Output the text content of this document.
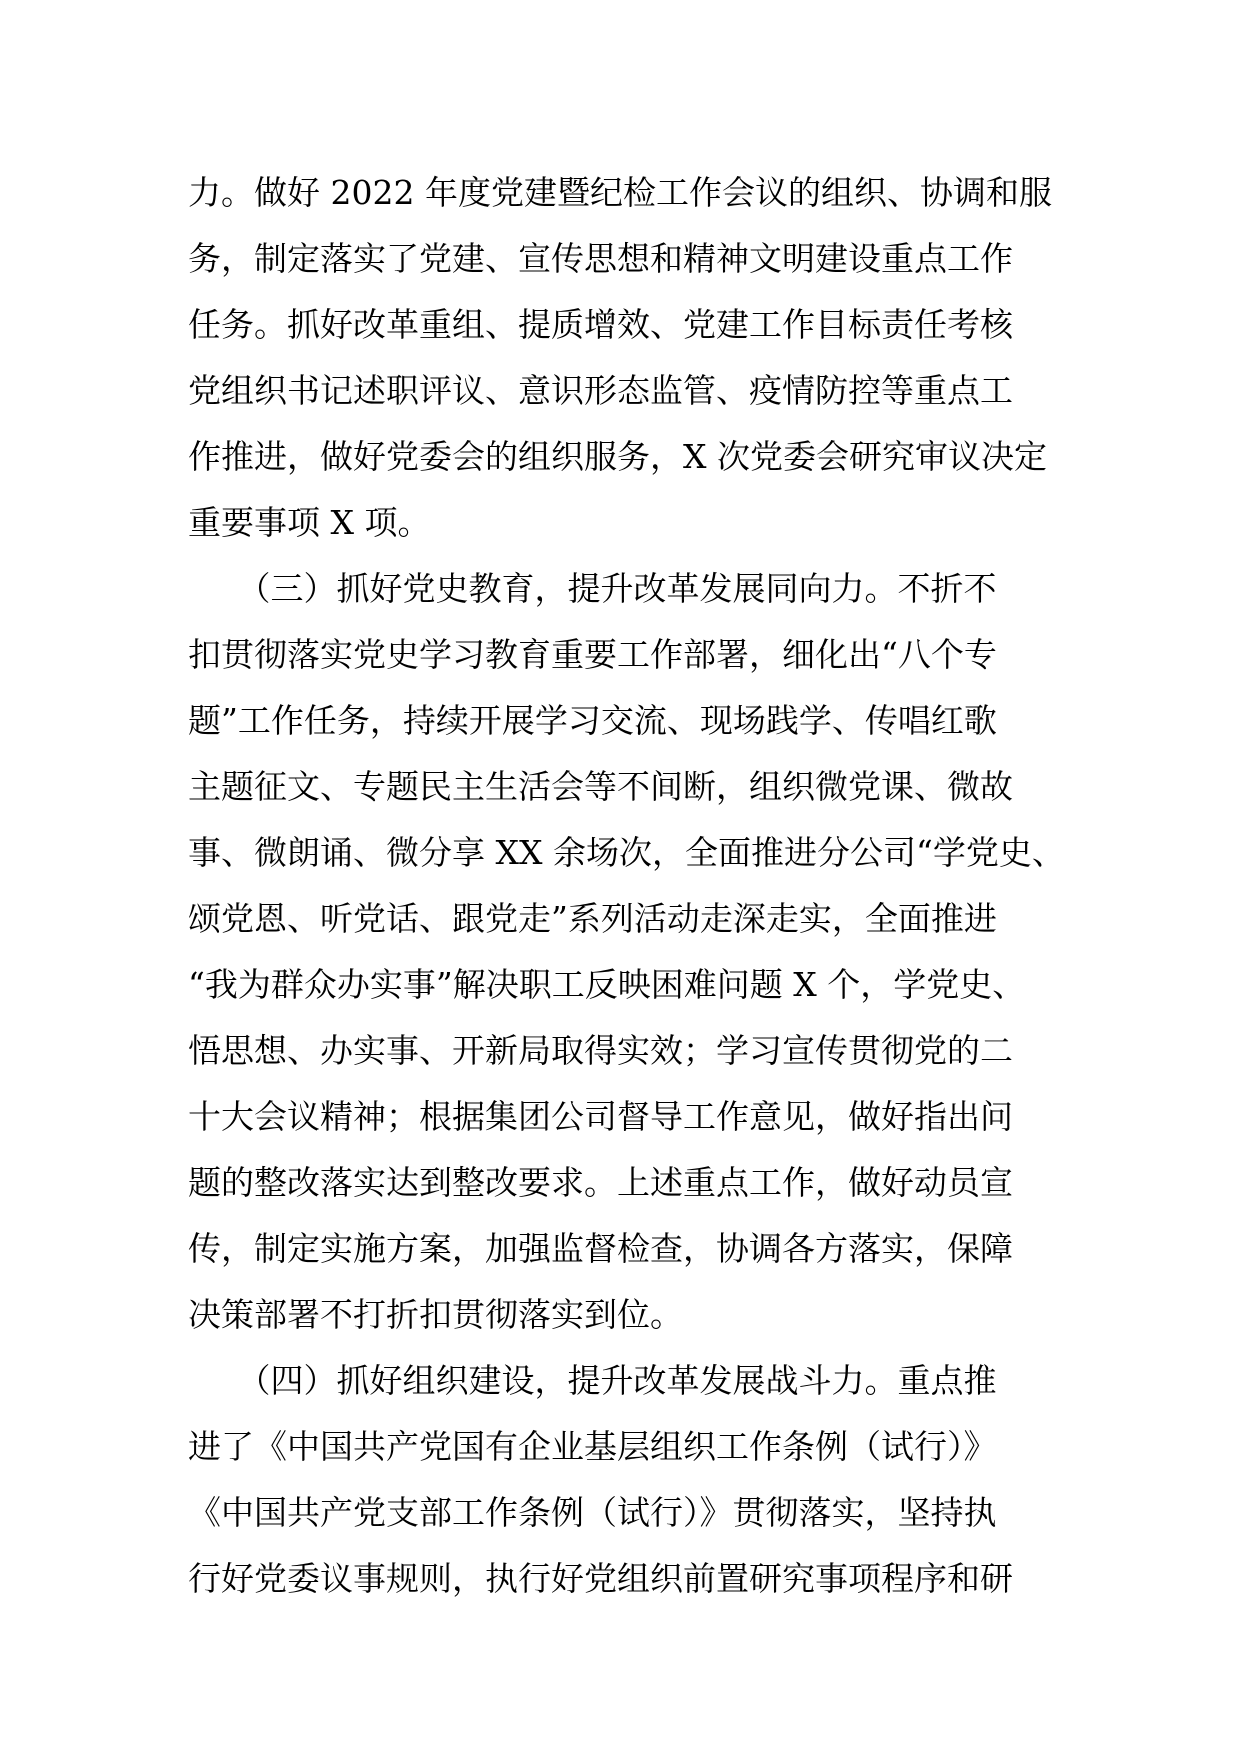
力。做好 2022 年度党建暨纪检工作会议的组织、协调和服
务，制定落实了党建、宣传思想和精神文明建设重点工作
任务。抓好改革重组、提质增效、党建工作目标责任考核
党组织书记述职评议、意识形态监管、疫情防控等重点工
作推进，做好党委会的组织服务，X 次党委会研究审议决定
重要事项 X 项。
　　（三）抓好党史教育，提升改革发展同向力。不折不
扣贯彻落实党史学习教育重要工作部署，细化出“八个专
题”工作任务，持续开展学习交流、现场践学、传唱红歌
主题征文、专题民主生活会等不间断，组织微党课、微故
事、微朗诵、微分享 XX 余场次，全面推进分公司“学党史、
颂党恩、听党话、跟党走”系列活动走深走实，全面推进
“我为群众办实事”解决职工反映困难问题 X 个，学党史、
悟思想、办实事、开新局取得实效；学习宣传贯彻党的二
十大会议精神；根据集团公司督导工作意见，做好指出问
题的整改落实达到整改要求。上述重点工作，做好动员宣
传，制定实施方案，加强监督检查，协调各方落实，保障
决策部署不打折扣贯彻落实到位。
　　（四）抓好组织建设，提升改革发展战斗力。重点推
进了《中国共产党国有企业基层组织工作条例（试行）》
《中国共产党支部工作条例（试行）》贯彻落实，坚持执
行好党委议事规则，执行好党组织前置研究事项程序和研
